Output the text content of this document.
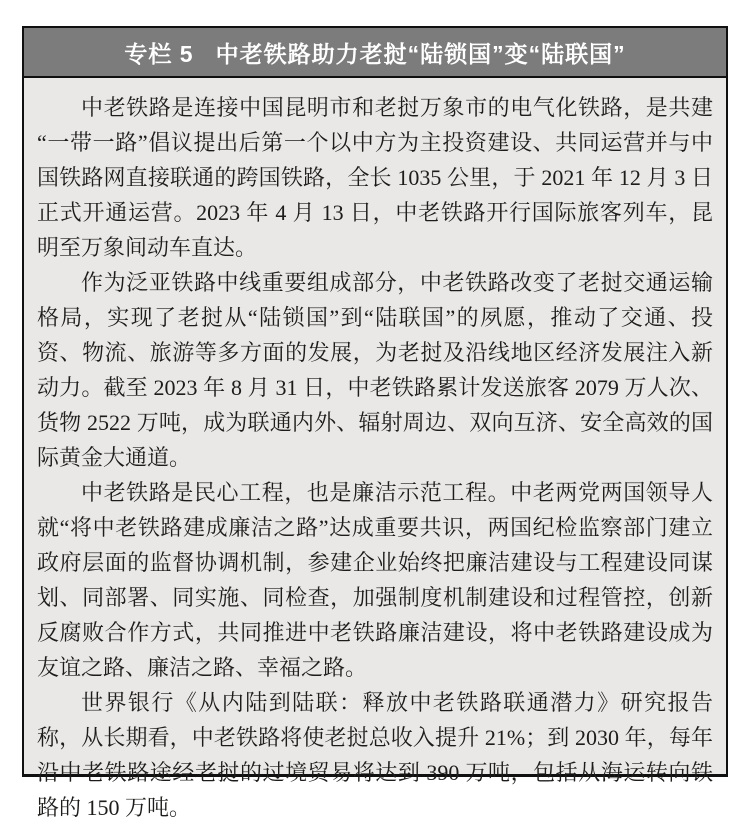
专栏 5 中老铁路助力老挝“陆锁国”变“陆联国”

中老铁路是连接中国昆明市和老挝万象市的电气化铁路，是共建“一带一路”倡议提出后第一个以中方为主投资建设、共同运营并与中国铁路网直接联通的跨国铁路，全长 1035 公里，于 2021 年 12 月 3 日正式开通运营。2023 年 4 月 13 日，中老铁路开行国际旅客列车，昆明至万象间动车直达。

作为泛亚铁路中线重要组成部分，中老铁路改变了老挝交通运输格局，实现了老挝从“陆锁国”到“陆联国”的夙愿，推动了交通、投资、物流、旅游等多方面的发展，为老挝及沿线地区经济发展注入新动力。截至 2023 年 8 月 31 日，中老铁路累计发送旅客 2079 万人次、货物 2522 万吨，成为联通内外、辐射周边、双向互济、安全高效的国际黄金大通道。

中老铁路是民心工程，也是廉洁示范工程。中老两党两国领导人就“将中老铁路建成廉洁之路”达成重要共识，两国纪检监察部门建立政府层面的监督协调机制，参建企业始终把廉洁建设与工程建设同谋划、同部署、同实施、同检查，加强制度机制建设和过程管控，创新反腐败合作方式，共同推进中老铁路廉洁建设，将中老铁路建设成为友谊之路、廉洁之路、幸福之路。

世界银行《从内陆到陆联：释放中老铁路联通潜力》研究报告称，从长期看，中老铁路将使老挝总收入提升 21%；到 2030 年，每年沿中老铁路途经老挝的过境贸易将达到 390 万吨，包括从海运转向铁路的 150 万吨。
